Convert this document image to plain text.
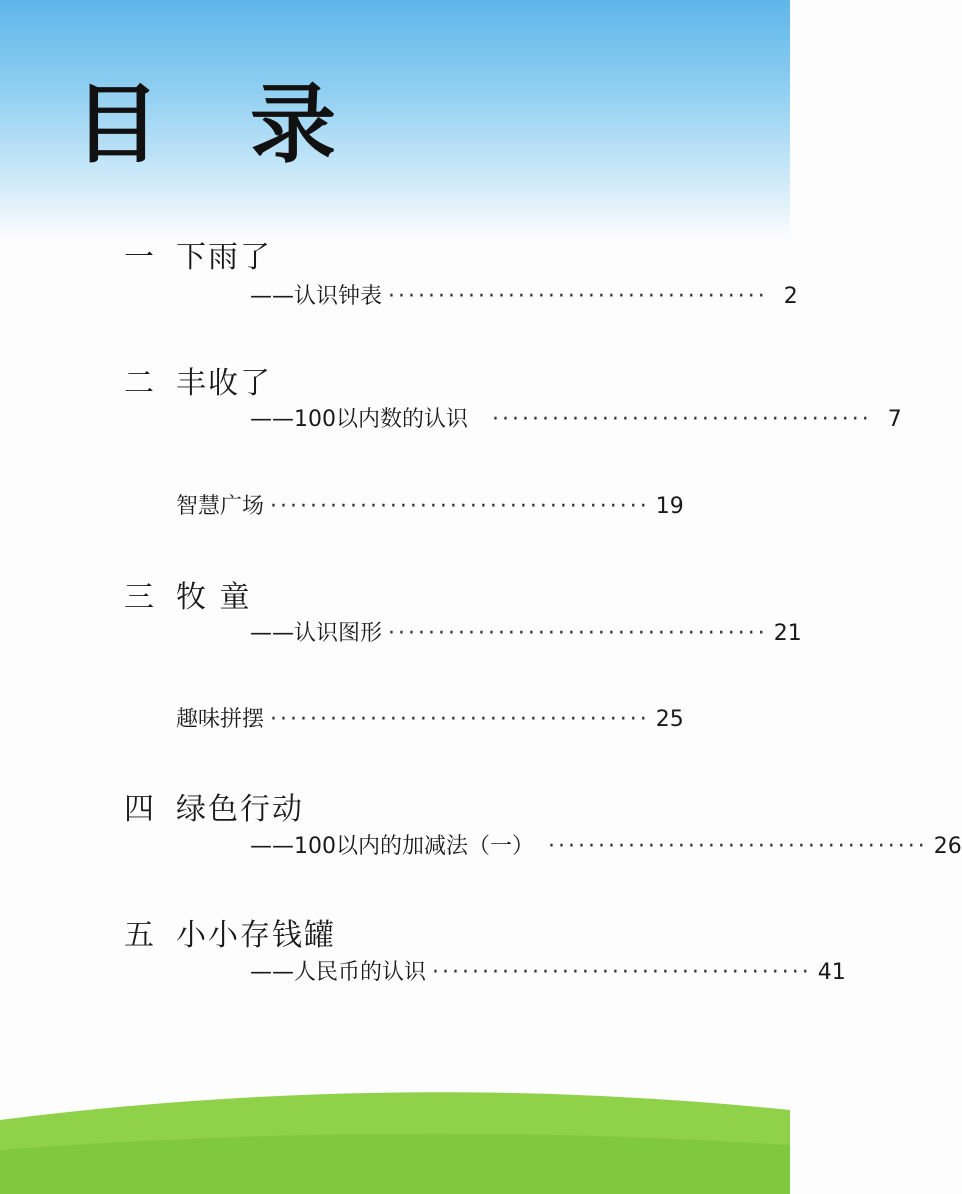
目 录
一 下雨了
——认识钟表 ······································ 2
二 丰收了
——100以内数的认识 ······································ 7
智慧广场 ······································ 19
三 牧 童
——认识图形 ······································ 21
趣味拼摆 ······································ 25
四 绿色行动
——100以内的加减法（一） ······································ 26
五 小小存钱罐
——人民币的认识 ······································ 41
